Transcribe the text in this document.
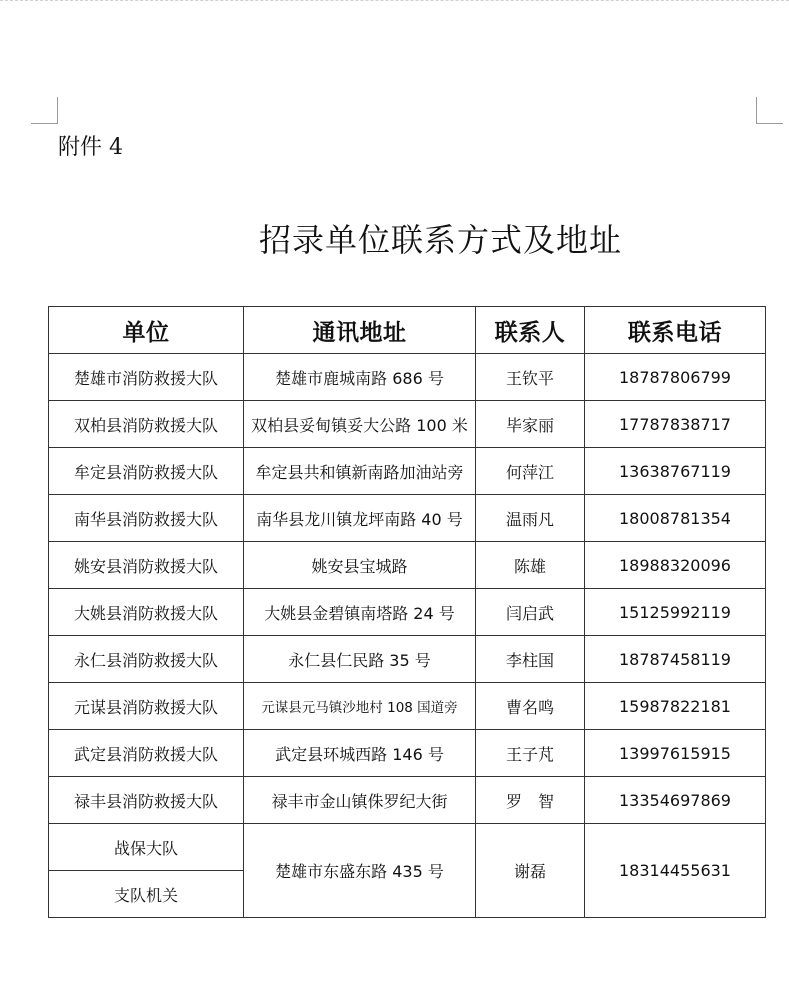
附件 4
招录单位联系方式及地址
单位	通讯地址	联系人	联系电话
楚雄市消防救援大队	楚雄市鹿城南路 686 号	王钦平	18787806799
双柏县消防救援大队	双柏县妥甸镇妥大公路 100 米	毕家丽	17787838717
牟定县消防救援大队	牟定县共和镇新南路加油站旁	何萍江	13638767119
南华县消防救援大队	南华县龙川镇龙坪南路 40 号	温雨凡	18008781354
姚安县消防救援大队	姚安县宝城路	陈雄	18988320096
大姚县消防救援大队	大姚县金碧镇南塔路 24 号	闫启武	15125992119
永仁县消防救援大队	永仁县仁民路 35 号	李柱国	18787458119
元谋县消防救援大队	元谋县元马镇沙地村 108 国道旁	曹名鸣	15987822181
武定县消防救援大队	武定县环城西路 146 号	王子芃	13997615915
禄丰县消防救援大队	禄丰市金山镇侏罗纪大街	罗　智	13354697869
战保大队	楚雄市东盛东路 435 号	谢磊	18314455631
支队机关			
